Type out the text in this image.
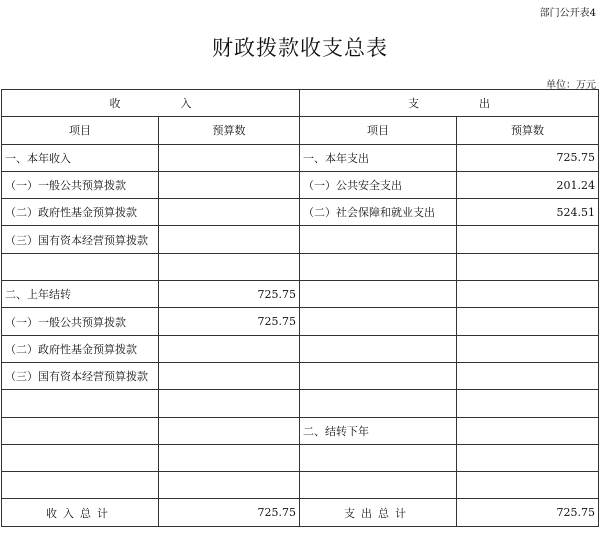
部门公开表4
财政拨款收支总表
单位：万元
收 入		支 出	
项目	预算数	项目	预算数
一、本年收入		一、本年支出	725.75
（一）一般公共预算拨款		（一）公共安全支出	201.24
（二）政府性基金预算拨款		（二）社会保障和就业支出	524.51
（三）国有资本经营预算拨款			

二、上年结转	725.75		
（一）一般公共预算拨款	725.75		
（二）政府性基金预算拨款			
（三）国有资本经营预算拨款			

		二、结转下年	

收入总计	725.75	支出总计	725.75
